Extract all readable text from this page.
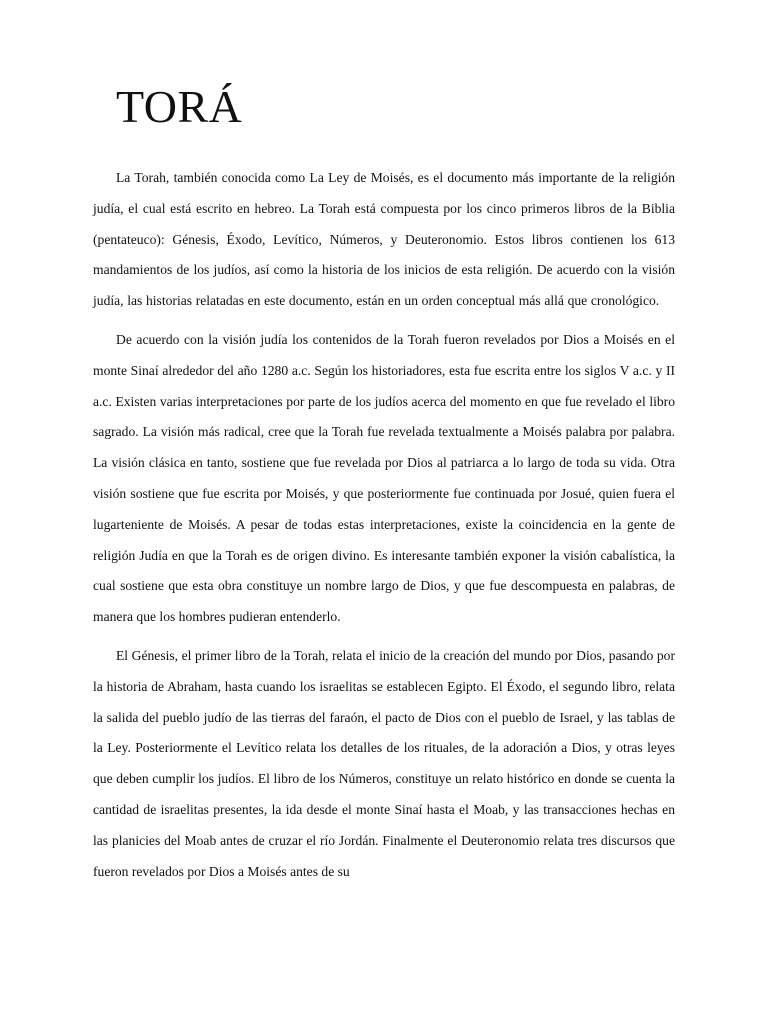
TORÁ

La Torah, también conocida como La Ley de Moisés, es el documento más importante de la religión judía, el cual está escrito en hebreo. La Torah está compuesta por los cinco primeros libros de la Biblia (pentateuco): Génesis, Éxodo, Levítico, Números, y Deuteronomio. Estos libros contienen los 613 mandamientos de los judíos, así como la historia de los inicios de esta religión. De acuerdo con la visión judía, las historias relatadas en este documento, están en un orden conceptual más allá que cronológico.

De acuerdo con la visión judía los contenidos de la Torah fueron revelados por Dios a Moisés en el monte Sinaí alrededor del año 1280 a.c. Según los historiadores, esta fue escrita entre los siglos V a.c. y II a.c. Existen varias interpretaciones por parte de los judíos acerca del momento en que fue revelado el libro sagrado. La visión más radical, cree que la Torah fue revelada textualmente a Moisés palabra por palabra. La visión clásica en tanto, sostiene que fue revelada por Dios al patriarca a lo largo de toda su vida. Otra visión sostiene que fue escrita por Moisés, y que posteriormente fue continuada por Josué, quien fuera el lugarteniente de Moisés. A pesar de todas estas interpretaciones, existe la coincidencia en la gente de religión Judía en que la Torah es de origen divino. Es interesante también exponer la visión cabalística, la cual sostiene que esta obra constituye un nombre largo de Dios, y que fue descompuesta en palabras, de manera que los hombres pudieran entenderlo.

El Génesis, el primer libro de la Torah, relata el inicio de la creación del mundo por Dios, pasando por la historia de Abraham, hasta cuando los israelitas se establecen Egipto. El Éxodo, el segundo libro, relata la salida del pueblo judío de las tierras del faraón, el pacto de Dios con el pueblo de Israel, y las tablas de la Ley. Posteriormente el Levítico relata los detalles de los rituales, de la adoración a Dios, y otras leyes que deben cumplir los judíos. El libro de los Números, constituye un relato histórico en donde se cuenta la cantidad de israelitas presentes, la ida desde el monte Sinaí hasta el Moab, y las transacciones hechas en las planicies del Moab antes de cruzar el río Jordán. Finalmente el Deuteronomio relata tres discursos que fueron revelados por Dios a Moisés antes de su
